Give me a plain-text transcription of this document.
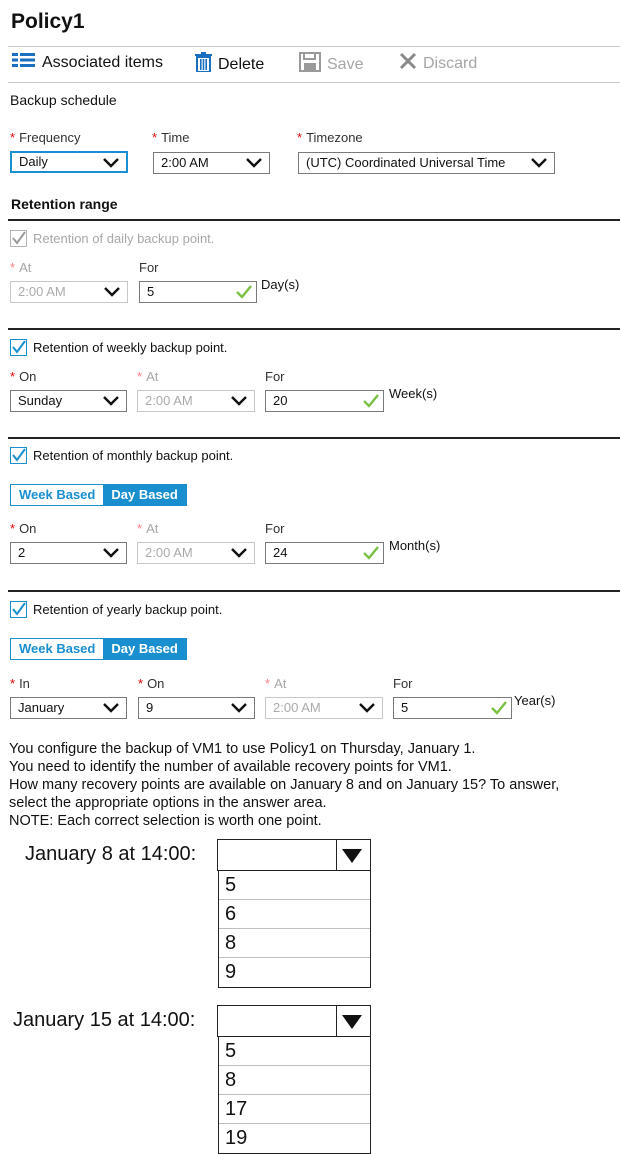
Policy1
Associated items	Delete	Save	Discard
Backup schedule
* Frequency
Daily
* Time
2:00 AM
* Timezone
(UTC) Coordinated Universal Time
Retention range
Retention of daily backup point.
* At
2:00 AM
For
5	Day(s)
Retention of weekly backup point.
* On
Sunday
* At
2:00 AM
For
20	Week(s)
Retention of monthly backup point.
Week Based	Day Based
* On
2
* At
2:00 AM
For
24	Month(s)
Retention of yearly backup point.
Week Based	Day Based
* In
January
* On
9
* At
2:00 AM
For
5	Year(s)
You configure the backup of VM1 to use Policy1 on Thursday, January 1.
You need to identify the number of available recovery points for VM1.
How many recovery points are available on January 8 and on January 15? To answer,
select the appropriate options in the answer area.
NOTE: Each correct selection is worth one point.
January 8 at 14:00:
5
6
8
9
January 15 at 14:00:
5
8
17
19
